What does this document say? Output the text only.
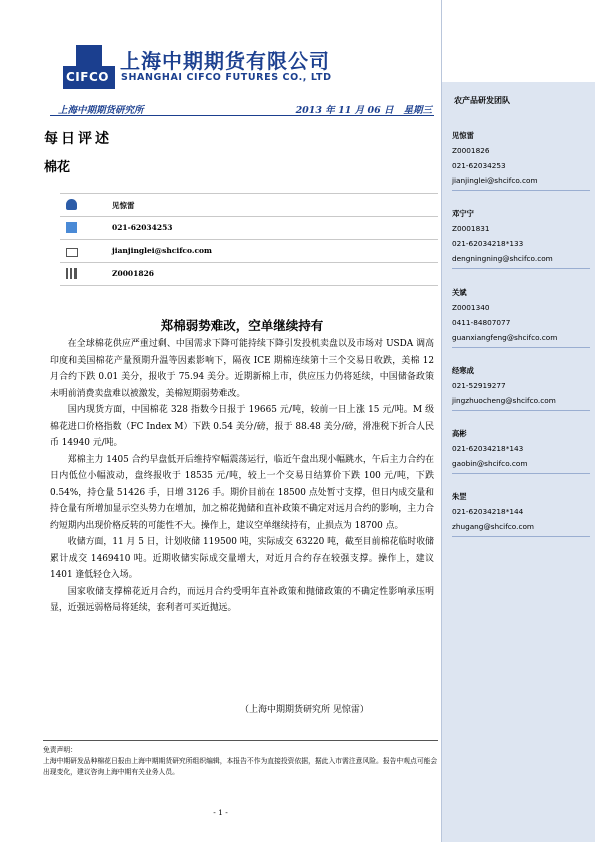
农产品研发团队
见惊雷
Z0001826
021-62034253
jianjinglei@shcifco.com
邓宁宁
Z0001831
021-62034218*133
dengningning@shcifco.com
关斌
Z0001340
0411-84807077
guanxiangfeng@shcifco.com
经寒成
021-52919277
jingzhuocheng@shcifco.com
高彬
021-62034218*143
gaobin@shcifco.com
朱罡
021-62034218*144
zhugang@shcifco.com
CIFCO
上海中期期货有限公司
SHANGHAI CIFCO FUTURES CO., LTD
上海中期期货研究所	2013 年 11 月 06 日 星期三
每日评述
棉花
见惊雷
021-62034253
jianjinglei@shcifco.com
Z0001826
郑棉弱势难改，空单继续持有

在全球棉花供应严重过剩、中国需求下降可能持续下降引发投机卖盘以及市场对 USDA 调高印度和美国棉花产量预期升温等因素影响下，隔夜 ICE 期棉连续第十三个交易日收跌，美棉 12 月合约下跌 0.01 美分，报收于 75.94 美分。近期新棉上市，供应压力仍将延续，中国储备政策未明前消费卖盘难以被激发，美棉短期弱势难改。

国内现货方面，中国棉花 328 指数今日报于 19665 元/吨，较前一日上涨 15 元/吨。M 级棉花进口价格指数（FC Index M）下跌 0.54 美分/磅，报于 88.48 美分/磅，滑准税下折合人民币 14940 元/吨。

郑棉主力 1405 合约早盘低开后维持窄幅震荡运行，临近午盘出现小幅跳水，午后主力合约在日内低位小幅波动，盘终报收于 18535 元/吨，较上一个交易日结算价下跌 100 元/吨，下跌 0.54%，持仓量 51426 手，日增 3126 手。期价目前在 18500 点处暂寸支撑，但日内成交量和持仓量有所增加显示空头势力在增加，加之棉花抛储和直补政策不确定对远月合约的影响，主力合约短期内出现价格反转的可能性不大。操作上，建议空单继续持有，止损点为 18700 点。

收储方面，11 月 5 日，计划收储 119500 吨，实际成交 63220 吨，截至目前棉花临时收储累计成交 1469410 吨。近期收储实际成交量增大，对近月合约存在较强支撑。操作上，建议 1401 逢低轻仓入场。

国家收储支撑棉花近月合约，而远月合约受明年直补政策和抛储政策的不确定性影响承压明显，近强远弱格局将延续，套利者可买近抛远。

（上海中期期货研究所 见惊雷）
免责声明：
上海中期研发品种棉花日报由上海中期期货研究所组织编辑，本报告不作为直接投资依据，据此入市需注意风险。报告中观点可能会出现变化，建议咨询上海中期有关业务人员。
- 1 -
